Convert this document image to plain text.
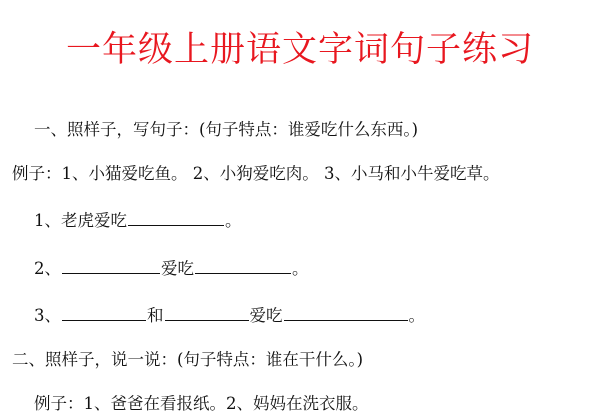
一年级上册语文字词句子练习
一、照样子，写句子：(句子特点：谁爱吃什么东西。)
例子：1、小猫爱吃鱼。 2、小狗爱吃肉。 3、小马和小牛爱吃草。
1、老虎爱吃	。
2、	爱吃	。
3、	和	爱吃	。
二、照样子，说一说：(句子特点：谁在干什么。)
例子：1、爸爸在看报纸。2、妈妈在洗衣服。
